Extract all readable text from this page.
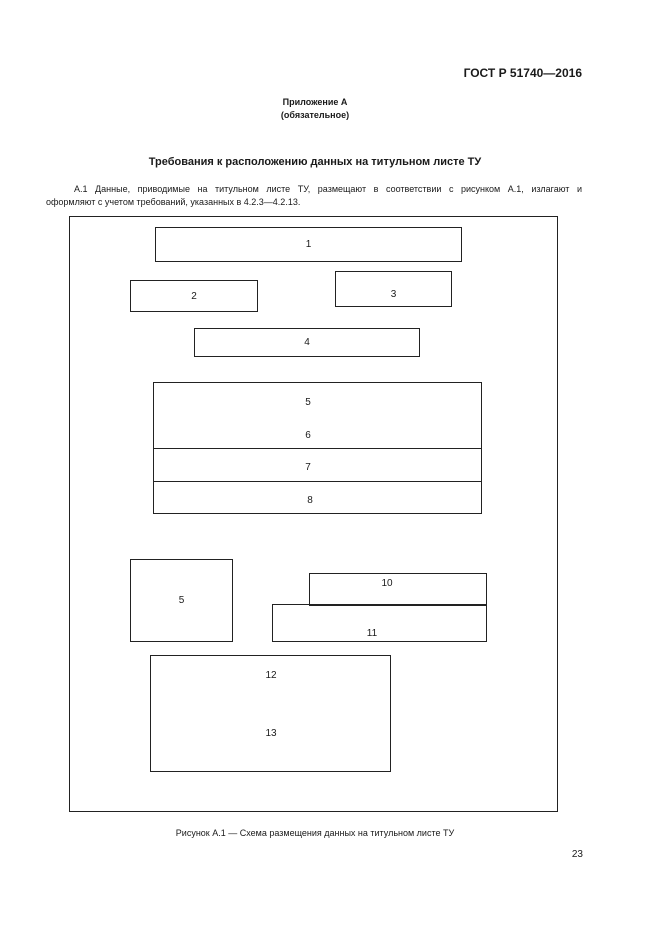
ГОСТ Р 51740—2016
Приложение А
(обязательное)
Требования к расположению данных на титульном листе ТУ
А.1 Данные, приводимые на титульном листе ТУ, размещают в соответствии с рисунком А.1, излагают и
оформляют с учетом требований, указанных в 4.2.3—4.2.13.
1
2	3
4
5
6
7
8
5
10
11
12
13
Рисунок А.1 — Схема размещения данных на титульном листе ТУ
23
